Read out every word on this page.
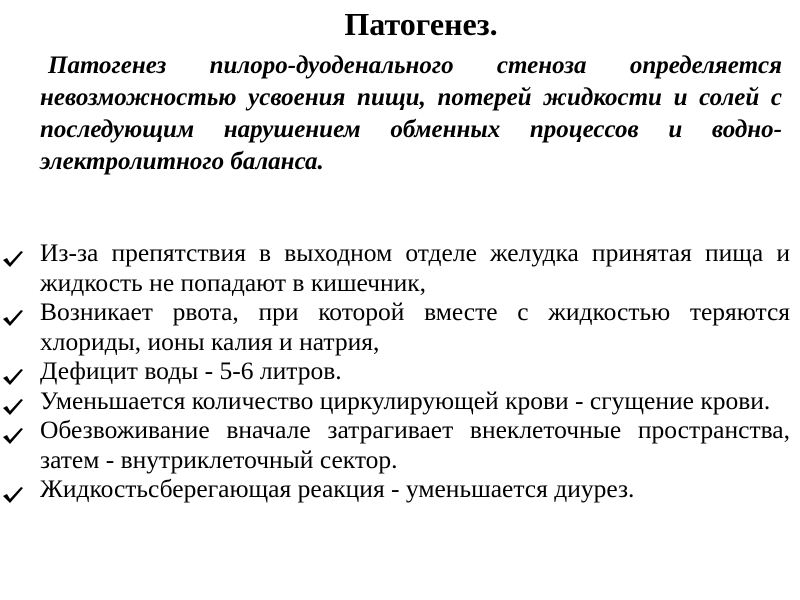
Патогенез.

Патогенез пилоро-дуоденального стеноза определяется невозможностью усвоения пищи, потерей жидкости и солей с последующим нарушением обменных процессов и водно-электролитного баланса.

Из-за препятствия в выходном отделе желудка принятая пища и жидкость не попадают в кишечник,
Возникает рвота, при которой вместе с жидкостью теряются хлориды, ионы калия и натрия,
Дефицит воды - 5-6 литров.
Уменьшается количество циркулирующей крови - сгущение крови.
Обезвоживание вначале затрагивает внеклеточные пространства, затем - внутриклеточный сектор.
Жидкостьсберегающая реакция - уменьшается диурез.
